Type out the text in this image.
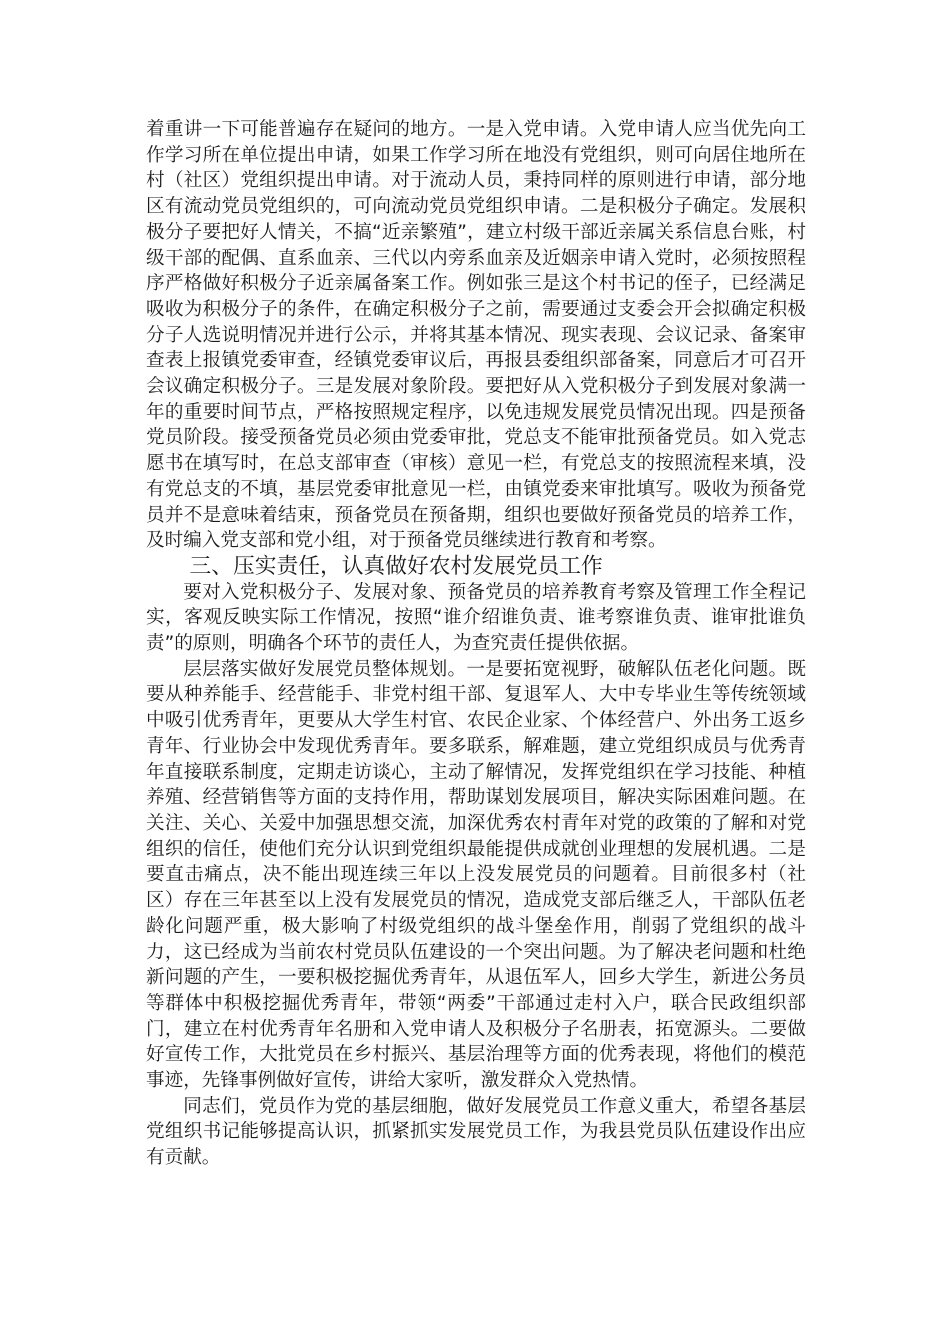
着重讲一下可能普遍存在疑问的地方。一是入党申请。入党申请人应当优先向工作学习所在单位提出申请，如果工作学习所在地没有党组织，则可向居住地所在村（社区）党组织提出申请。对于流动人员，秉持同样的原则进行申请，部分地区有流动党员党组织的，可向流动党员党组织申请。二是积极分子确定。发展积极分子要把好人情关，不搞“近亲繁殖”，建立村级干部近亲属关系信息台账，村级干部的配偶、直系血亲、三代以内旁系血亲及近姻亲申请入党时，必须按照程序严格做好积极分子近亲属备案工作。例如张三是这个村书记的侄子，已经满足吸收为积极分子的条件，在确定积极分子之前，需要通过支委会开会拟确定积极分子人选说明情况并进行公示，并将其基本情况、现实表现、会议记录、备案审查表上报镇党委审查，经镇党委审议后，再报县委组织部备案，同意后才可召开会议确定积极分子。三是发展对象阶段。要把好从入党积极分子到发展对象满一年的重要时间节点，严格按照规定程序，以免违规发展党员情况出现。四是预备党员阶段。接受预备党员必须由党委审批，党总支不能审批预备党员。如入党志愿书在填写时，在总支部审查（审核）意见一栏，有党总支的按照流程来填，没有党总支的不填，基层党委审批意见一栏，由镇党委来审批填写。吸收为预备党员并不是意味着结束，预备党员在预备期，组织也要做好预备党员的培养工作，及时编入党支部和党小组，对于预备党员继续进行教育和考察。

三、压实责任，认真做好农村发展党员工作

要对入党积极分子、发展对象、预备党员的培养教育考察及管理工作全程记实，客观反映实际工作情况，按照“谁介绍谁负责、谁考察谁负责、谁审批谁负责”的原则，明确各个环节的责任人，为查究责任提供依据。

层层落实做好发展党员整体规划。一是要拓宽视野，破解队伍老化问题。既要从种养能手、经营能手、非党村组干部、复退军人、大中专毕业生等传统领域中吸引优秀青年，更要从大学生村官、农民企业家、个体经营户、外出务工返乡青年、行业协会中发现优秀青年。要多联系，解难题，建立党组织成员与优秀青年直接联系制度，定期走访谈心，主动了解情况，发挥党组织在学习技能、种植养殖、经营销售等方面的支持作用，帮助谋划发展项目，解决实际困难问题。在关注、关心、关爱中加强思想交流，加深优秀农村青年对党的政策的了解和对党组织的信任，使他们充分认识到党组织最能提供成就创业理想的发展机遇。二是要直击痛点，决不能出现连续三年以上没发展党员的问题着。目前很多村（社区）存在三年甚至以上没有发展党员的情况，造成党支部后继乏人，干部队伍老龄化问题严重，极大影响了村级党组织的战斗堡垒作用，削弱了党组织的战斗力，这已经成为当前农村党员队伍建设的一个突出问题。为了解决老问题和杜绝新问题的产生，一要积极挖掘优秀青年，从退伍军人，回乡大学生，新进公务员等群体中积极挖掘优秀青年，带领“两委”干部通过走村入户，联合民政组织部门，建立在村优秀青年名册和入党申请人及积极分子名册表，拓宽源头。二要做好宣传工作，大批党员在乡村振兴、基层治理等方面的优秀表现，将他们的模范事迹，先锋事例做好宣传，讲给大家听，激发群众入党热情。

同志们，党员作为党的基层细胞，做好发展党员工作意义重大，希望各基层党组织书记能够提高认识，抓紧抓实发展党员工作，为我县党员队伍建设作出应有贡献。
